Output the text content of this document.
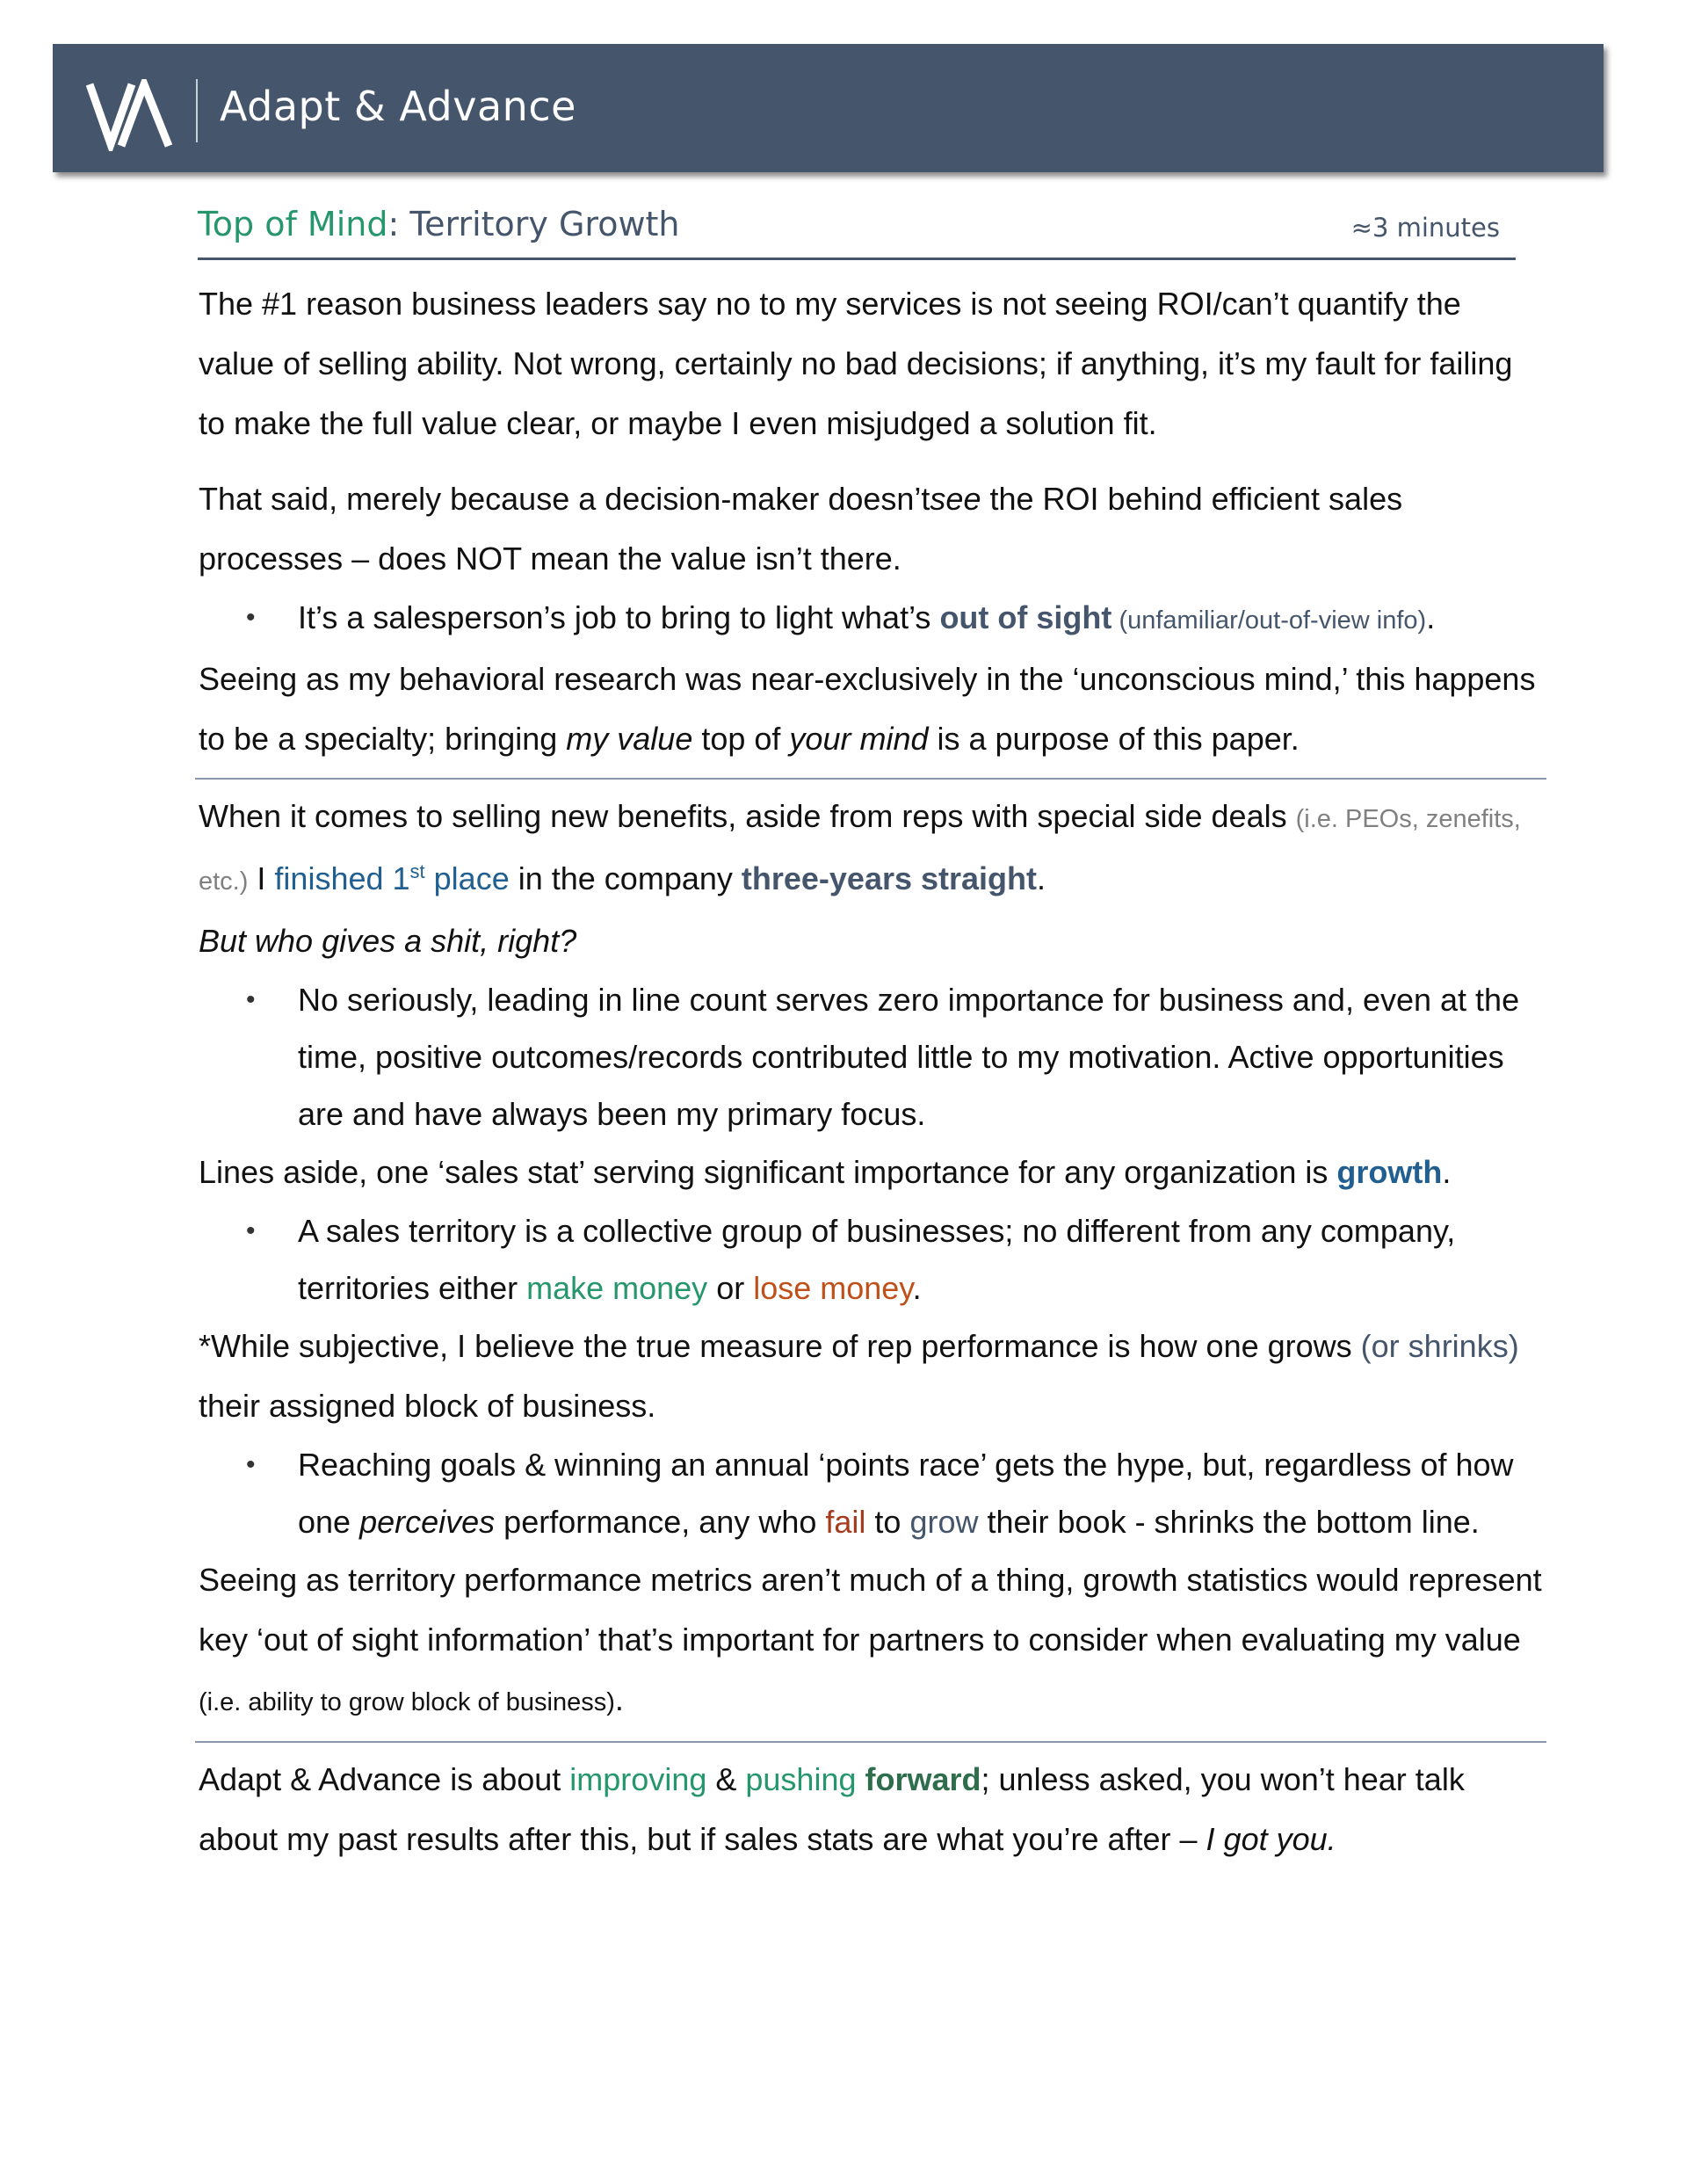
Adapt & Advance
Top of Mind: Territory Growth	≈3 minutes

The #1 reason business leaders say no to my services is not seeing ROI/can’t quantify the value of selling ability. Not wrong, certainly no bad decisions; if anything, it’s my fault for failing to make the full value clear, or maybe I even misjudged a solution fit.

That said, merely because a decision-maker doesn’tsee the ROI behind efficient sales processes – does NOT mean the value isn’t there.

• It’s a salesperson’s job to bring to light what’s out of sight (unfamiliar/out-of-view info).

Seeing as my behavioral research was near-exclusively in the ‘unconscious mind,’ this happens to be a specialty; bringing my value top of your mind is a purpose of this paper.

When it comes to selling new benefits, aside from reps with special side deals (i.e. PEOs, zenefits, etc.) I finished 1st place in the company three-years straight.

But who gives a shit, right?

• No seriously, leading in line count serves zero importance for business and, even at the time, positive outcomes/records contributed little to my motivation. Active opportunities are and have always been my primary focus.

Lines aside, one ‘sales stat’ serving significant importance for any organization is growth.

• A sales territory is a collective group of businesses; no different from any company, territories either make money or lose money.

*While subjective, I believe the true measure of rep performance is how one grows (or shrinks) their assigned block of business.

• Reaching goals & winning an annual ‘points race’ gets the hype, but, regardless of how one perceives performance, any who fail to grow their book - shrinks the bottom line.

Seeing as territory performance metrics aren’t much of a thing, growth statistics would represent key ‘out of sight information’ that’s important for partners to consider when evaluating my value (i.e. ability to grow block of business).

Adapt & Advance is about improving & pushing forward; unless asked, you won’t hear talk about my past results after this, but if sales stats are what you’re after – I got you.
